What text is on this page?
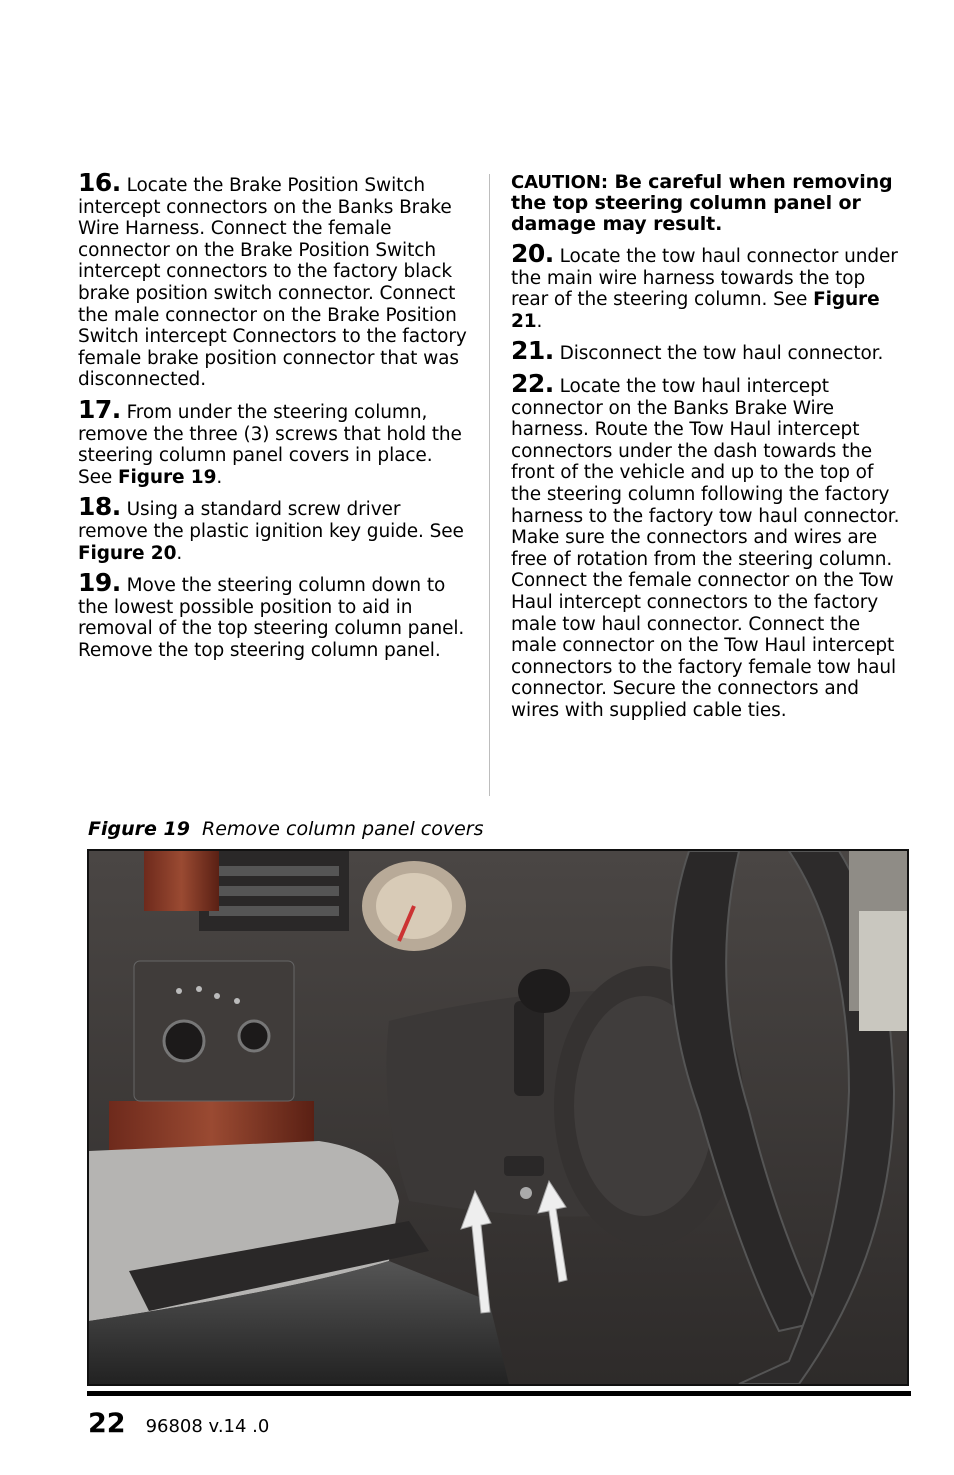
16. Locate the Brake Position Switch intercept connectors on the Banks Brake Wire Harness. Connect the female connector on the Brake Position Switch intercept connectors to the factory black brake position switch connector. Connect the male connector on the Brake Position Switch intercept Connectors to the factory female brake position connector that was disconnected.

17. From under the steering column, remove the three (3) screws that hold the steering column panel covers in place. See Figure 19.

18. Using a standard screw driver remove the plastic ignition key guide. See Figure 20.

19. Move the steering column down to the lowest possible position to aid in removal of the top steering column panel. Remove the top steering column panel.

CAUTION: Be careful when removing the top steering column panel or damage may result.

20. Locate the tow haul connector under the main wire harness towards the top rear of the steering column. See Figure 21.

21. Disconnect the tow haul connector.

22. Locate the tow haul intercept connector on the Banks Brake Wire harness. Route the Tow Haul intercept connectors under the dash towards the front of the vehicle and up to the top of the steering column following the factory harness to the factory tow haul connector. Make sure the connectors and wires are free of rotation from the steering column. Connect the female connector on the Tow Haul intercept connectors to the factory male tow haul connector. Connect the male connector on the Tow Haul intercept connectors to the factory female tow haul connector. Secure the connectors and wires with supplied cable ties.

Figure 19 Remove column panel covers
22 96808 v.14 .0
